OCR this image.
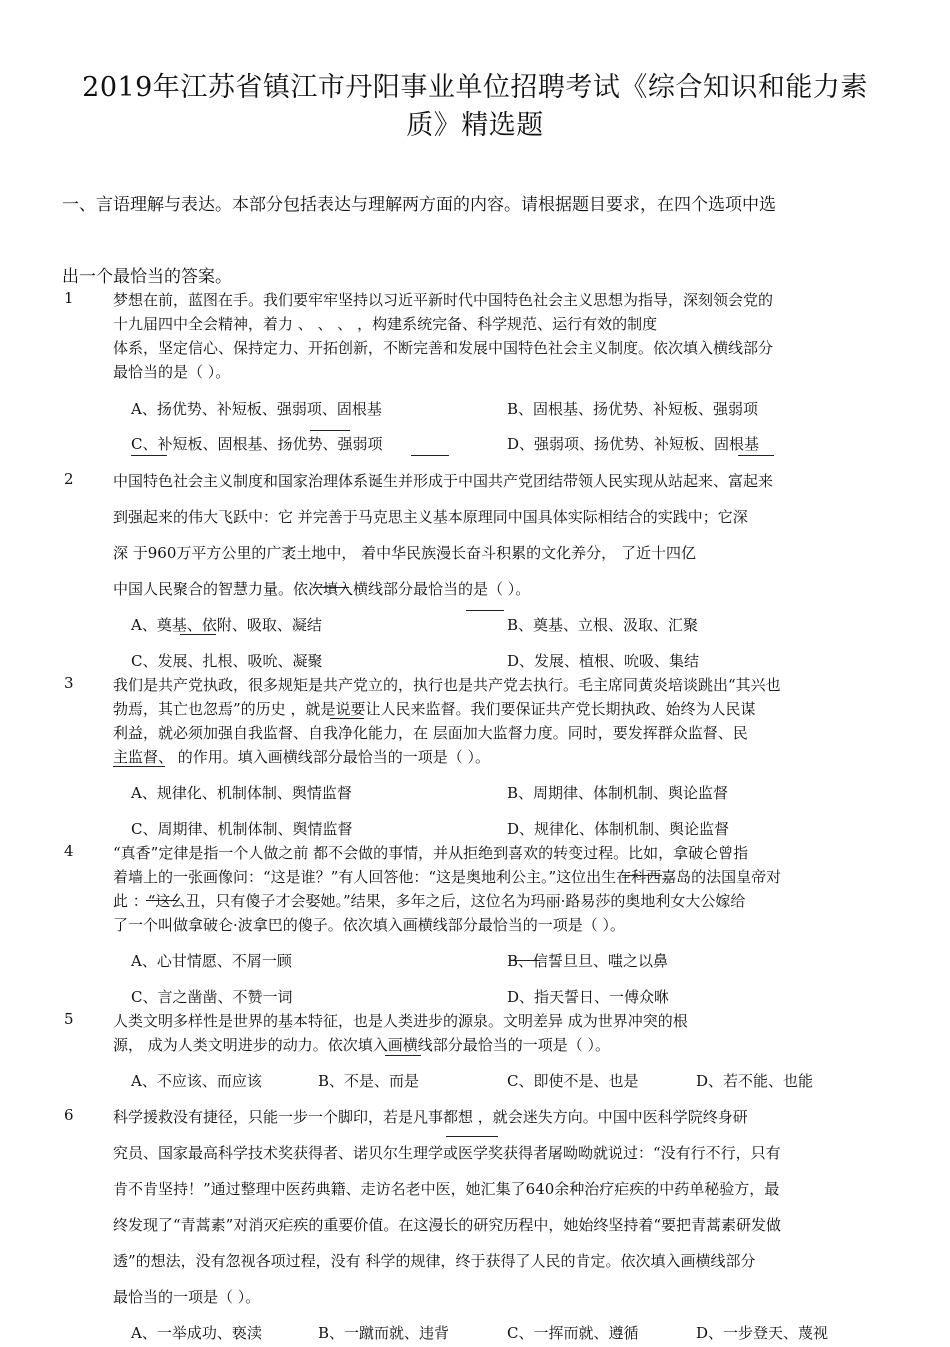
2019年江苏省镇江市丹阳事业单位招聘考试《综合知识和能力素
质》精选题
一、言语理解与表达。本部分包括表达与理解两方面的内容。请根据题目要求，在四个选项中选
出一个最恰当的答案。
1	梦想在前，蓝图在手。我们要牢牢坚持以习近平新时代中国特色社会主义思想为指导，深刻领会党的
十九届四中全会精神，着力 、 、 、 ，构建系统完备、科学规范、运行有效的制度
体系，坚定信心、保持定力、开拓创新，不断完善和发展中国特色社会主义制度。依次填入横线部分
最恰当的是（ ）。
A、扬优势、补短板、强弱项、固根基	B、固根基、扬优势、补短板、强弱项
C、补短板、固根基、扬优势、强弱项	D、强弱项、扬优势、补短板、固根基
2	中国特色社会主义制度和国家治理体系诞生并形成于中国共产党团结带领人民实现从站起来、富起来
到强起来的伟大飞跃中：它 并完善于马克思主义基本原理同中国具体实际相结合的实践中；它深
深 于960万平方公里的广袤土地中， 着中华民族漫长奋斗积累的文化养分， 了近十四亿
中国人民聚合的智慧力量。依次填入横线部分最恰当的是（ ）。
A、奠基、依附、吸取、凝结	B、奠基、立根、汲取、汇聚
C、发展、扎根、吸吮、凝聚	D、发展、植根、吮吸、集结
3	我们是共产党执政，很多规矩是共产党立的，执行也是共产党去执行。毛主席同黄炎培谈跳出“其兴也
勃焉，其亡也忽焉”的历史 ，就是说要让人民来监督。我们要保证共产党长期执政、始终为人民谋
利益，就必须加强自我监督、自我净化能力，在 层面加大监督力度。同时，要发挥群众监督、民
主监督、 的作用。填入画横线部分最恰当的一项是（ ）。
A、规律化、机制体制、舆情监督	B、周期律、体制机制、舆论监督
C、周期律、机制体制、舆情监督	D、规律化、体制机制、舆论监督
4	“真香”定律是指一个人做之前 都不会做的事情，并从拒绝到喜欢的转变过程。比如，拿破仑曾指
着墙上的一张画像问：“这是谁？”有人回答他：“这是奥地利公主。”这位出生在科西嘉岛的法国皇帝对
此 ：“这么丑，只有傻子才会娶她。”结果，多年之后，这位名为玛丽·路易莎的奥地利女大公嫁给
了一个叫做拿破仑·波拿巴的傻子。依次填入画横线部分最恰当的一项是（ ）。
A、心甘情愿、不屑一顾	B、信誓旦旦、嗤之以鼻
C、言之凿凿、不赞一词	D、指天誓日、一傅众咻
5	人类文明多样性是世界的基本特征，也是人类进步的源泉。文明差异 成为世界冲突的根
源， 成为人类文明进步的动力。依次填入画横线部分最恰当的一项是（ ）。
A、不应该、而应该	B、不是、而是	C、即使不是、也是	D、若不能、也能
6	科学援救没有捷径，只能一步一个脚印，若是凡事都想 ，就会迷失方向。中国中医科学院终身研
究员、国家最高科学技术奖获得者、诺贝尔生理学或医学奖获得者屠呦呦就说过：“没有行不行，只有
肯不肯坚持！”通过整理中医药典籍、走访名老中医，她汇集了640余种治疗疟疾的中药单秘验方，最
终发现了“青蒿素”对消灭疟疾的重要价值。在这漫长的研究历程中，她始终坚持着“要把青蒿素研发做
透”的想法，没有忽视各项过程，没有 科学的规律，终于获得了人民的肯定。依次填入画横线部分
最恰当的一项是（ ）。
A、一举成功、亵渎	B、一蹴而就、违背	C、一挥而就、遵循	D、一步登天、蔑视
